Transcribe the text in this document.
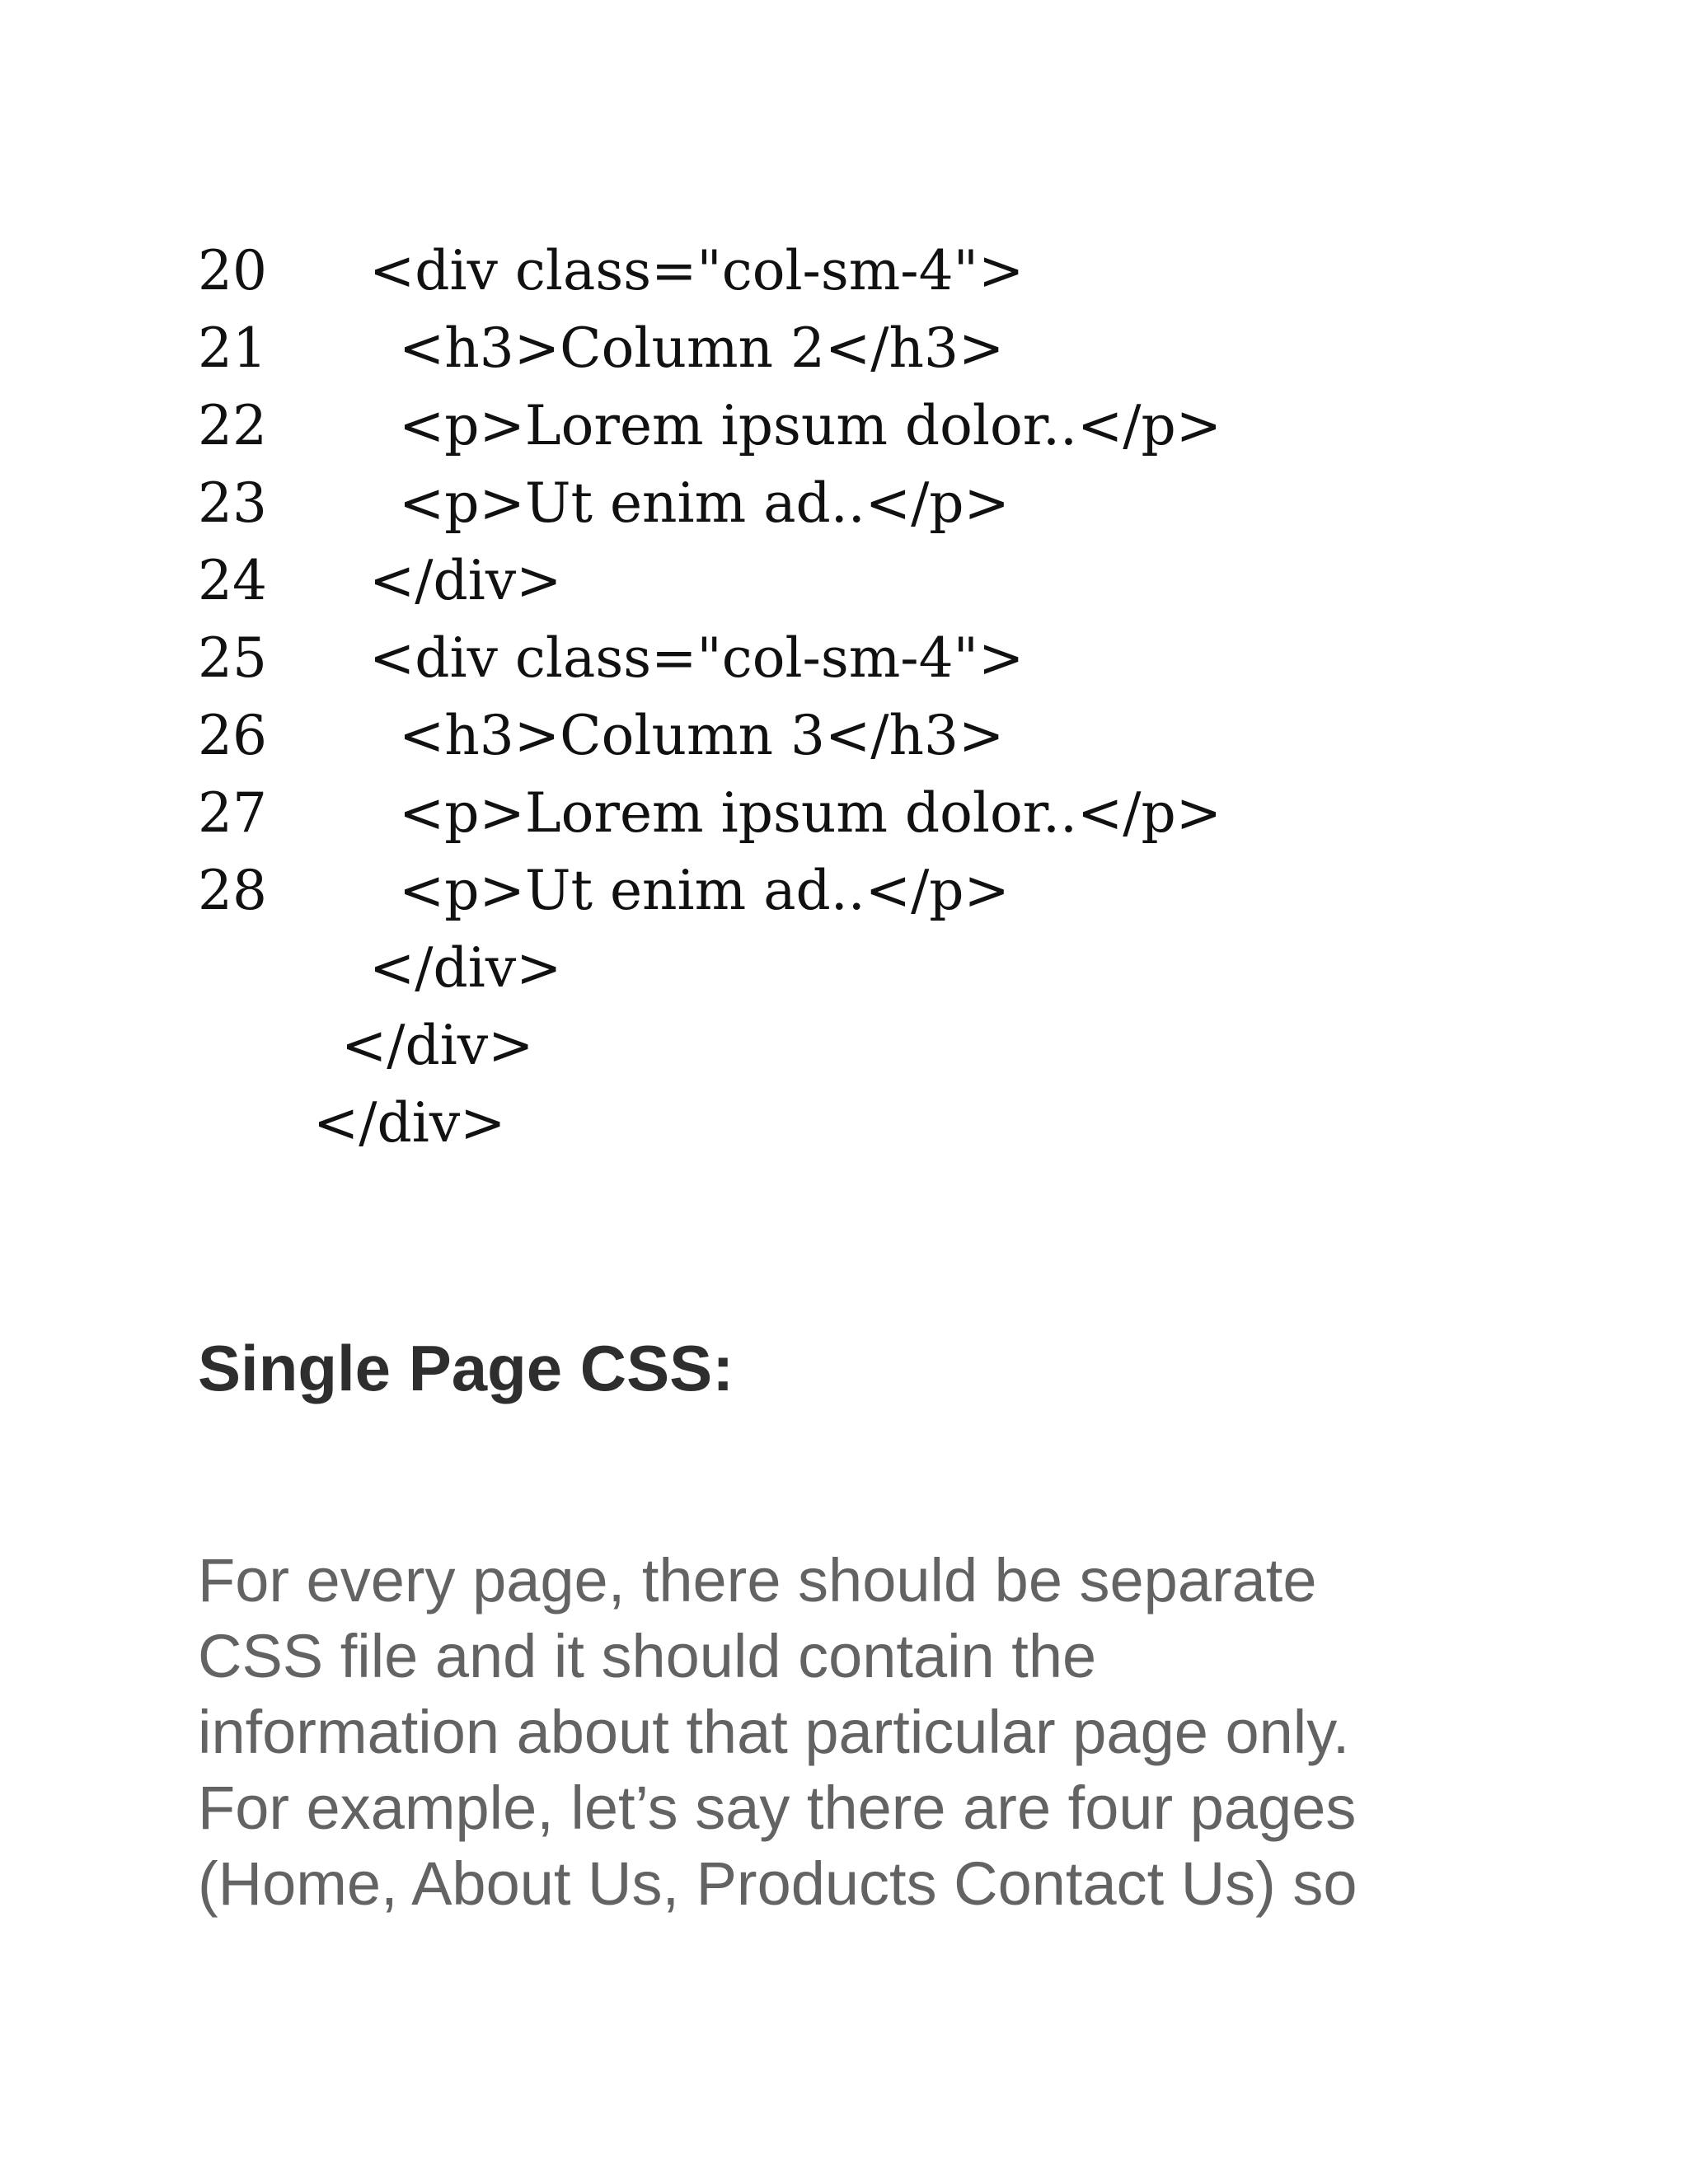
20

	<div class="col-sm-4">

21

	<h3>Column 2</h3>

22

	<p>Lorem ipsum dolor..</p>

23

	<p>Ut enim ad..</p>

24

	</div>

25

	<div class="col-sm-4">

26

	<h3>Column 3</h3>

27

	<p>Lorem ipsum dolor..</p>

28

	<p>Ut enim ad..</p>

</div>

</div>

</div>

Single Page CSS:

For every page, there should be separate
CSS file and it should contain the
information about that particular page only.
For example, let’s say there are four pages
(Home, About Us, Products Contact Us) so
